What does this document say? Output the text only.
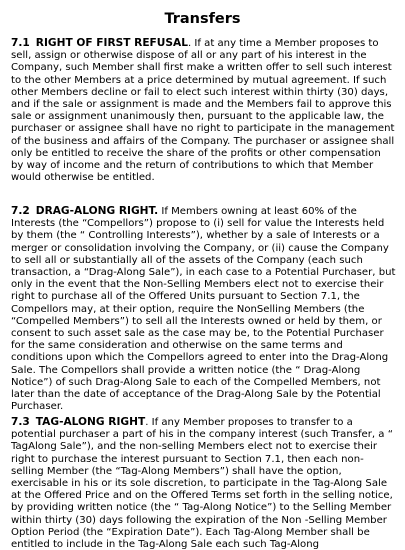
Transfers

7.1 RIGHT OF FIRST REFUSAL. If at any time a Member proposes to sell, assign or otherwise dispose of all or any part of his interest in the Company, such Member shall first make a written offer to sell such interest to the other Members at a price determined by mutual agreement. If such other Members decline or fail to elect such interest within thirty (30) days, and if the sale or assignment is made and the Members fail to approve this sale or assignment unanimously then, pursuant to the applicable law, the purchaser or assignee shall have no right to participate in the management of the business and affairs of the Company. The purchaser or assignee shall only be entitled to receive the share of the profits or other compensation by way of income and the return of contributions to which that Member would otherwise be entitled.

7.2 DRAG-ALONG RIGHT. If Members owning at least 60% of the Interests (the “Compellors”) propose to (i) sell for value the Interests held by them (the “ Controlling Interests”), whether by a sale of Interests or a merger or consolidation involving the Company, or (ii) cause the Company to sell all or substantially all of the assets of the Company (each such transaction, a “Drag-Along Sale”), in each case to a Potential Purchaser, but only in the event that the Non-Selling Members elect not to exercise their right to purchase all of the Offered Units pursuant to Section 7.1, the Compellors may, at their option, require the NonSelling Members (the “Compelled Members”) to sell all the Interests owned or held by them, or consent to such asset sale as the case may be, to the Potential Purchaser for the same consideration and otherwise on the same terms and conditions upon which the Compellors agreed to enter into the Drag-Along Sale. The Compellors shall provide a written notice (the “ Drag-Along Notice”) of such Drag-Along Sale to each of the Compelled Members, not later than the date of acceptance of the Drag-Along Sale by the Potential Purchaser.

7.3 TAG-ALONG RIGHT. If any Member proposes to transfer to a potential purchaser a part of his in the company interest (such Transfer, a “ TagAlong Sale”), and the non-selling Members elect not to exercise their right to purchase the interest pursuant to Section 7.1, then each non-selling Member (the “Tag-Along Members”) shall have the option, exercisable in his or its sole discretion, to participate in the Tag-Along Sale at the Offered Price and on the Offered Terms set forth in the selling notice, by providing written notice (the “ Tag-Along Notice”) to the Selling Member within thirty (30) days following the expiration of the Non -Selling Member Option Period (the “Expiration Date”). Each Tag-Along Member shall be entitled to include in the Tag-Along Sale each such Tag-Along
